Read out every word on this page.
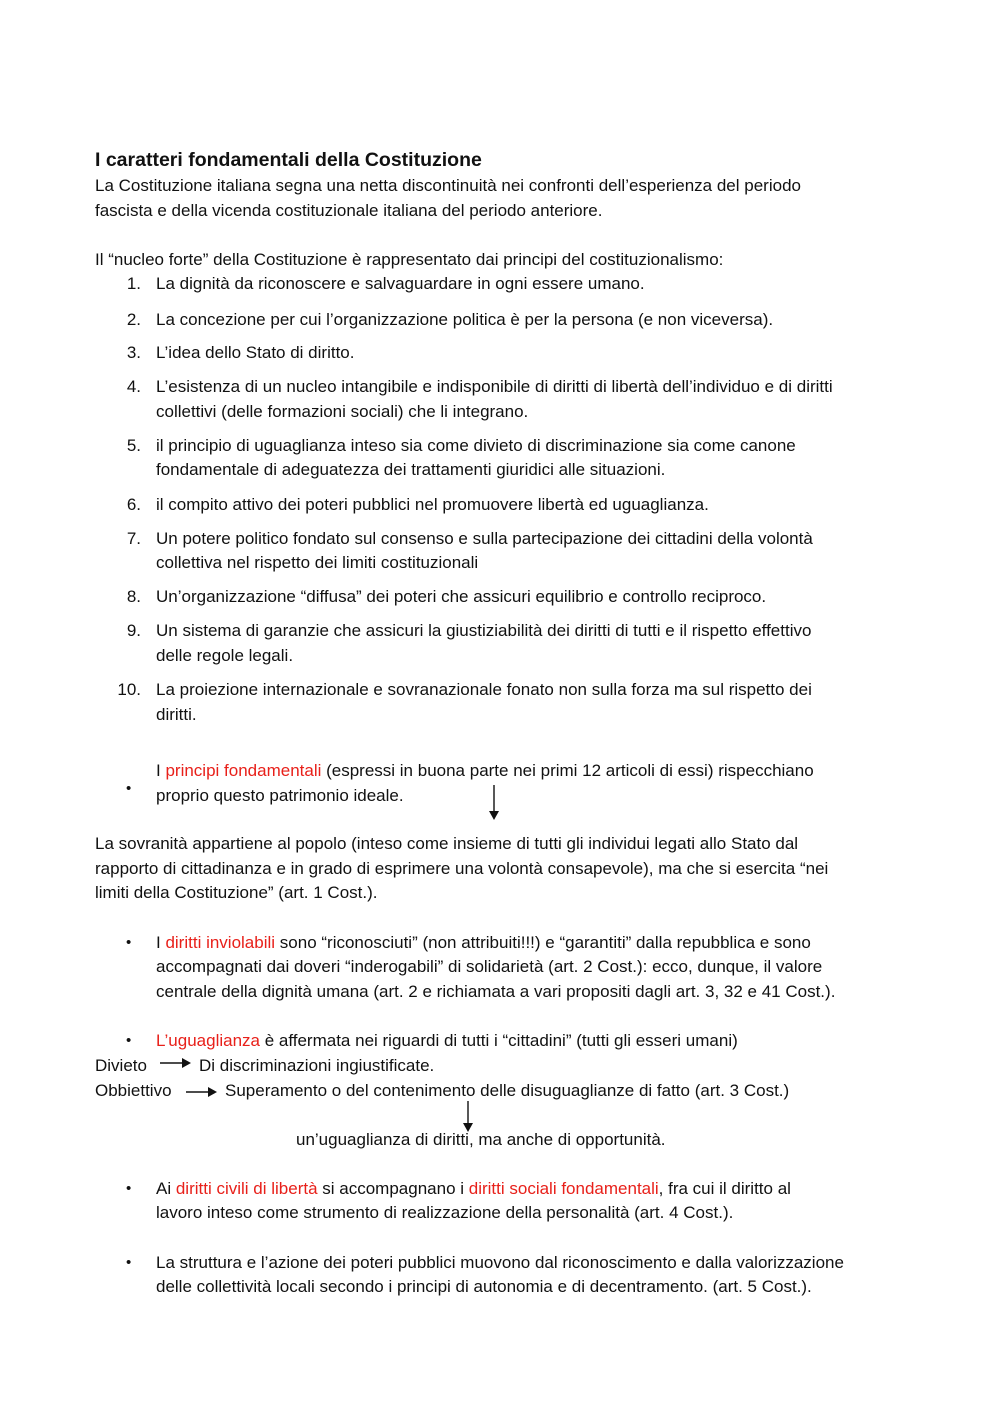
I caratteri fondamentali della Costituzione
La Costituzione italiana segna una netta discontinuità nei confronti dell’esperienza del periodo
fascista e della vicenda costituzionale italiana del periodo anteriore.
Il “nucleo forte” della Costituzione è rappresentato dai principi del costituzionalismo:
1. La dignità da riconoscere e salvaguardare in ogni essere umano.
2. La concezione per cui l’organizzazione politica è per la persona (e non viceversa).
3. L’idea dello Stato di diritto.
4. L’esistenza di un nucleo intangibile e indisponibile di diritti di libertà dell’individuo e di diritti
collettivi (delle formazioni sociali) che li integrano.
5. il principio di uguaglianza inteso sia come divieto di discriminazione sia come canone
fondamentale di adeguatezza dei trattamenti giuridici alle situazioni.
6. il compito attivo dei poteri pubblici nel promuovere libertà ed uguaglianza.
7. Un potere politico fondato sul consenso e sulla partecipazione dei cittadini della volontà
collettiva nel rispetto dei limiti costituzionali
8. Un’organizzazione “diffusa” dei poteri che assicuri equilibrio e controllo reciproco.
9. Un sistema di garanzie che assicuri la giustiziabilità dei diritti di tutti e il rispetto effettivo
delle regole legali.
10. La proiezione internazionale e sovranazionale fonato non sulla forza ma sul rispetto dei
diritti.
•
I principi fondamentali (espressi in buona parte nei primi 12 articoli di essi) rispecchiano
proprio questo patrimonio ideale.
La sovranità appartiene al popolo (inteso come insieme di tutti gli individui legati allo Stato dal
rapporto di cittadinanza e in grado di esprimere una volontà consapevole), ma che si esercita “nei
limiti della Costituzione” (art. 1 Cost.).
• I diritti inviolabili sono “riconosciuti” (non attribuiti!!!) e “garantiti” dalla repubblica e sono
accompagnati dai doveri “inderogabili” di solidarietà (art. 2 Cost.): ecco, dunque, il valore
centrale della dignità umana (art. 2 e richiamata a vari propositi dagli art. 3, 32 e 41 Cost.).
• L’uguaglianza è affermata nei riguardi di tutti i “cittadini” (tutti gli esseri umani)
Divieto	Di discriminazioni ingiustificate.
Obbiettivo	Superamento o del contenimento delle disuguaglianze di fatto (art. 3 Cost.)
un’uguaglianza di diritti, ma anche di opportunità.
• Ai diritti civili di libertà si accompagnano i diritti sociali fondamentali, fra cui il diritto al
lavoro inteso come strumento di realizzazione della personalità (art. 4 Cost.).
• La struttura e l’azione dei poteri pubblici muovono dal riconoscimento e dalla valorizzazione
delle collettività locali secondo i principi di autonomia e di decentramento. (art. 5 Cost.).
